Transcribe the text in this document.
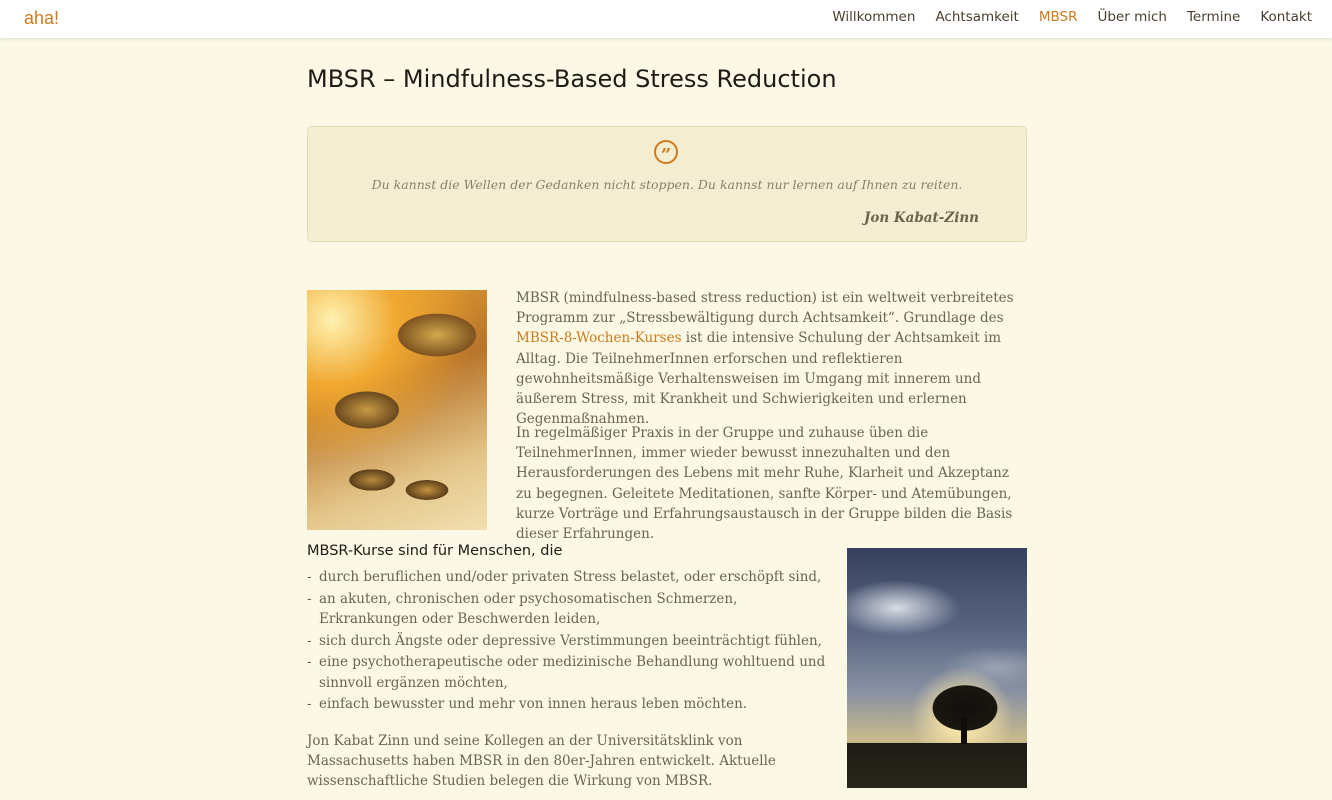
aha!	Willkommen Achtsamkeit MBSR Über mich Termine Kontakt
MBSR – Mindfulness-Based Stress Reduction
”
Du kannst die Wellen der Gedanken nicht stoppen. Du kannst nur lernen auf Ihnen zu reiten.
Jon Kabat-Zinn

MBSR (mindfulness-based stress reduction) ist ein weltweit verbreitetes Programm zur „Stressbewältigung durch Achtsamkeit“. Grundlage des MBSR-8-Wochen-Kurses ist die intensive Schulung der Achtsamkeit im Alltag. Die TeilnehmerInnen erforschen und reflektieren gewohnheitsmäßige Verhaltensweisen im Umgang mit innerem und äußerem Stress, mit Krankheit und Schwierigkeiten und erlernen Gegenmaßnahmen.

In regelmäßiger Praxis in der Gruppe und zuhause üben die TeilnehmerInnen, immer wieder bewusst innezuhalten und den Herausforderungen des Lebens mit mehr Ruhe, Klarheit und Akzeptanz zu begegnen. Geleitete Meditationen, sanfte Körper- und Atemübungen, kurze Vorträge und Erfahrungsaustausch in der Gruppe bilden die Basis dieser Erfahrungen.

MBSR-Kurse sind für Menschen, die
- durch beruflichen und/oder privaten Stress belastet, oder erschöpft sind,
- an akuten, chronischen oder psychosomatischen Schmerzen, Erkrankungen oder Beschwerden leiden,
- sich durch Ängste oder depressive Verstimmungen beeinträchtigt fühlen,
- eine psychotherapeutische oder medizinische Behandlung wohltuend und sinnvoll ergänzen möchten,
- einfach bewusster und mehr von innen heraus leben möchten.

Jon Kabat Zinn und seine Kollegen an der Universitätsklink von Massachusetts haben MBSR in den 80er-Jahren entwickelt. Aktuelle wissenschaftliche Studien belegen die Wirkung von MBSR.
